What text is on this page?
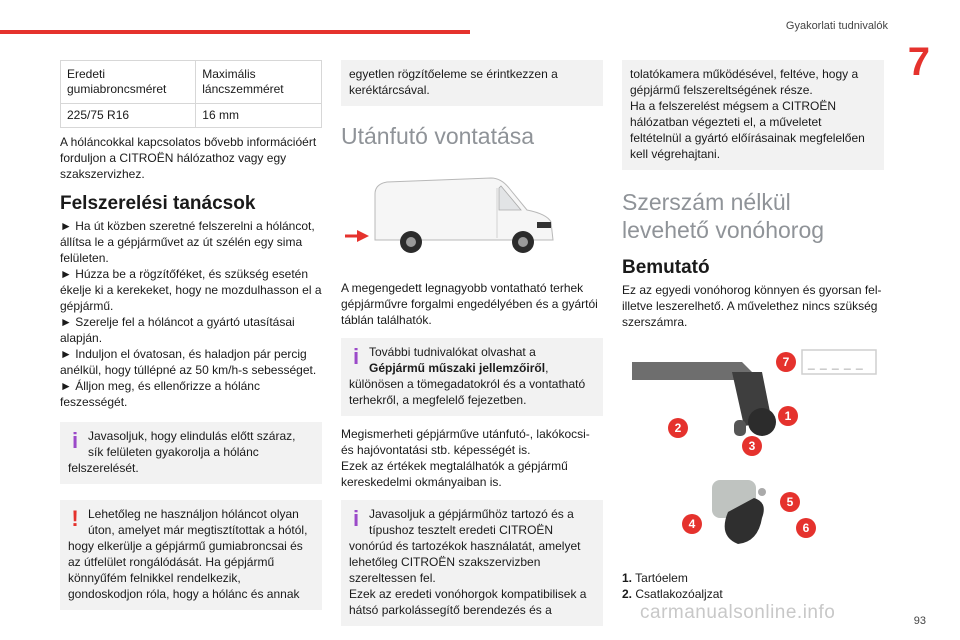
Gyakorlati tudnivalók
7
Eredeti gumiabroncsméret	Maximális láncszemméret
225/75 R16	16 mm

A hóláncokkal kapcsolatos bővebb információért forduljon a CITROËN hálózathoz vagy egy szakszervizhez.

Felszerelési tanácsok

► Ha út közben szeretné felszerelni a hóláncot, állítsa le a gépjárművet az út szélén egy sima felületen.

► Húzza be a rögzítőféket, és szükség esetén ékelje ki a kerekeket, hogy ne mozdulhasson el a gépjármű.

► Szerelje fel a hóláncot a gyártó utasításai alapján.

► Induljon el óvatosan, és haladjon pár percig anélkül, hogy túllépné az 50 km/h-s sebességet.

► Álljon meg, és ellenőrizze a hólánc feszességét.

i Javasoljuk, hogy elindulás előtt száraz, sík felületen gyakorolja a hólánc
felszerelését.
! Lehetőleg ne használjon hóláncot olyan úton, amelyet már megtisztítottak a hótól,
hogy elkerülje a gépjármű gumiabroncsai és az útfelület rongálódását. Ha gépjármű könnyűfém felnikkel rendelkezik, gondoskodjon róla, hogy a hólánc és annak
egyetlen rögzítőeleme se érintkezzen a keréktárcsával.
Utánfutó vontatása

A megengedett legnagyobb vontatható terhek gépjárművre forgalmi engedélyében és a gyártói táblán találhatók.

i További tudnivalókat olvashat a
Gépjármű műszaki jellemzőiről,
különösen a tömegadatokról és a vontatható terhekről, a megfelelő fejezetben.

Megismerheti gépjárműve utánfutó-, lakókocsi- és hajóvontatási stb. képességét is.

Ezek az értékek megtalálhatók a gépjármű kereskedelmi okmányaiban is.

i Javasoljuk a gépjárműhöz tartozó és a típushoz tesztelt eredeti CITROËN
vonórúd és tartozékok használatát, amelyet lehetőleg CITROËN szakszervizben szereltessen fel.
Ezek az eredeti vonóhorgok kompatibilisek a hátsó parkolássegítő berendezés és a
tolatókamera működésével, feltéve, hogy a gépjármű felszereltségének része.
Ha a felszerelést mégsem a CITROËN hálózatban végezteti el, a műveletet feltételnül a gyártó előírásainak megfelelően kell végrehajtani.
Szerszám nélkül levehető vonóhorog
Bemutató

Ez az egyedi vonóhorog könnyen és gyorsan fel- illetve leszerelhető. A művelethez nincs szükség szerszámra.

_ _ _ _ _
7
2
1
3
5
4	6
1. Tartóelem
2. Csatlakozóaljzat
carmanualsonline.info	93
